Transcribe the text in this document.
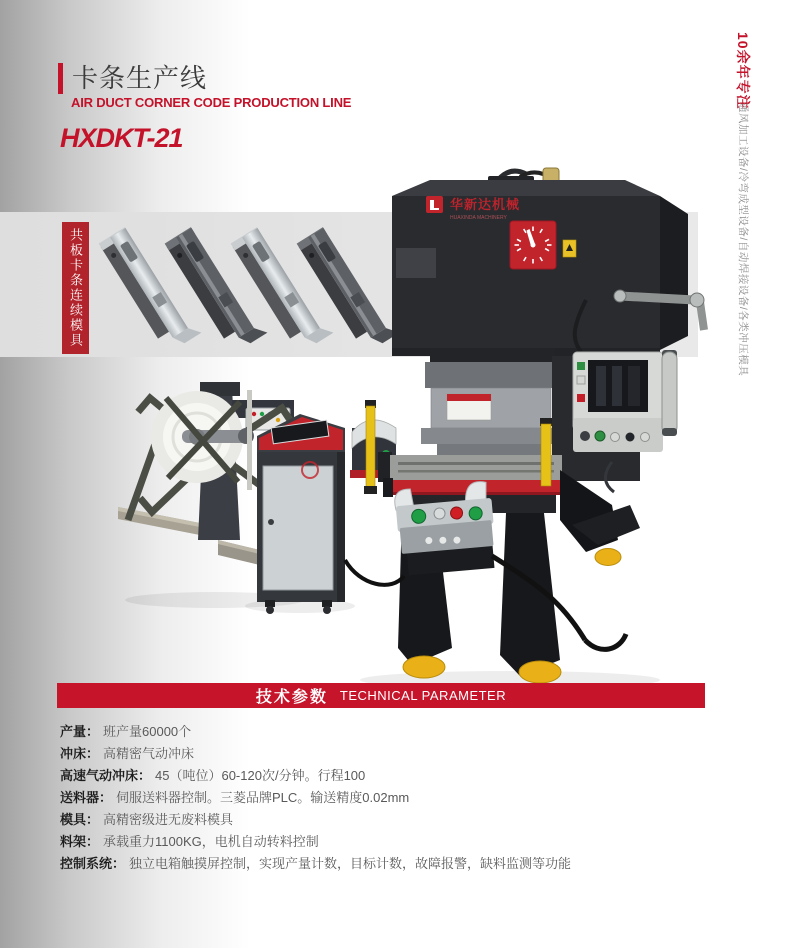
卡条生产线
AIR DUCT CORNER CODE PRODUCTION LINE
HXDKT-21
10余年专注
通风加工设备/冷弯成型设备/自动焊接设备/各类冲压模具
共板卡条连续模具
华新达机械
HUAXINDA MACHINERY
技术参数 TECHNICAL PARAMETER
产量： 班产量60000个
冲床： 高精密气动冲床
高速气动冲床： 45（吨位）60-120次/分钟。行程100
送料器： 伺服送料器控制。三菱品牌PLC。输送精度0.02mm
模具： 高精密级进无废料模具
料架： 承载重力1100KG，电机自动转料控制
控制系统： 独立电箱触摸屏控制，实现产量计数，目标计数，故障报警，缺料监测等功能
